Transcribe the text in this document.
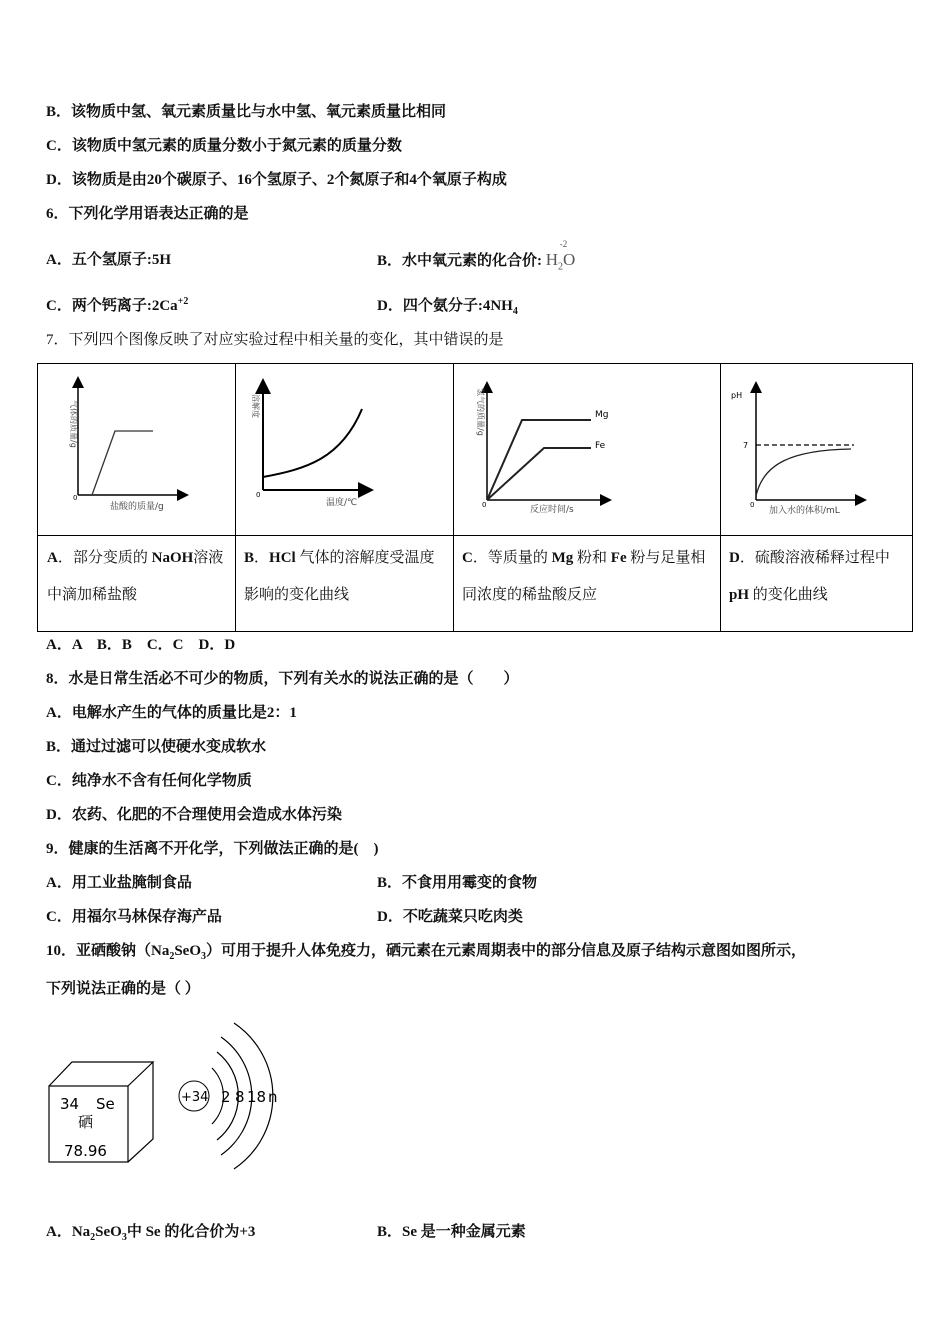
B．该物质中氢、氧元素质量比与水中氢、氧元素质量比相同
C．该物质中氢元素的质量分数小于氮元素的质量分数
D．该物质是由20个碳原子、16个氢原子、2个氮原子和4个氧原子构成
6．下列化学用语表达正确的是
A．五个氢原子:5H	B．水中氧元素的化合价: $H_2O$
-2
C．两个钙离子$:2Ca^{+2}$	D．四个氨分子$:4NH_4$
7．下列四个图像反映了对应实验过程中相关量的变化，其中错误的是
0
盐酸的质量/g
气体的质量/g
0
温度/℃
溶解度	Mg
Fe
0	反应时间/s
氢气的质量/g	pH
7
0
加入水的体积/mL
A．部分变质的 NaOH溶液中滴加稀盐酸
B．HCl 气体的溶解度受温度影响的变化曲线
C．等质量的 Mg 粉和 Fe 粉与足量相同浓度的稀盐酸反应
D．硫酸溶液稀释过程中 pH 的变化曲线
A．A　B．B　C．C　D．D
8．水是日常生活必不可少的物质，下列有关水的说法正确的是（　　）
A．电解水产生的气体的质量比是2：1
B．通过过滤可以使硬水变成软水
C．纯净水不含有任何化学物质
D．农药、化肥的不合理使用会造成水体污染
9．健康的生活离不开化学，下列做法正确的是(　)
A．用工业盐腌制食品	B．不食用用霉变的食物
C．用福尔马林保存海产品	D．不吃蔬菜只吃肉类
10．亚硒酸钠$(Na_2SeO_3)$可用于提升人体免疫力，硒元素在元素周期表中的部分信息及原子结构示意图如图所示，
下列说法正确的是（ ）
34 Se
硒
78.96
+34 2 8 18 n
A．$Na_2SeO_3$中 Se 的化合价为+3	B．Se 是一种金属元素
